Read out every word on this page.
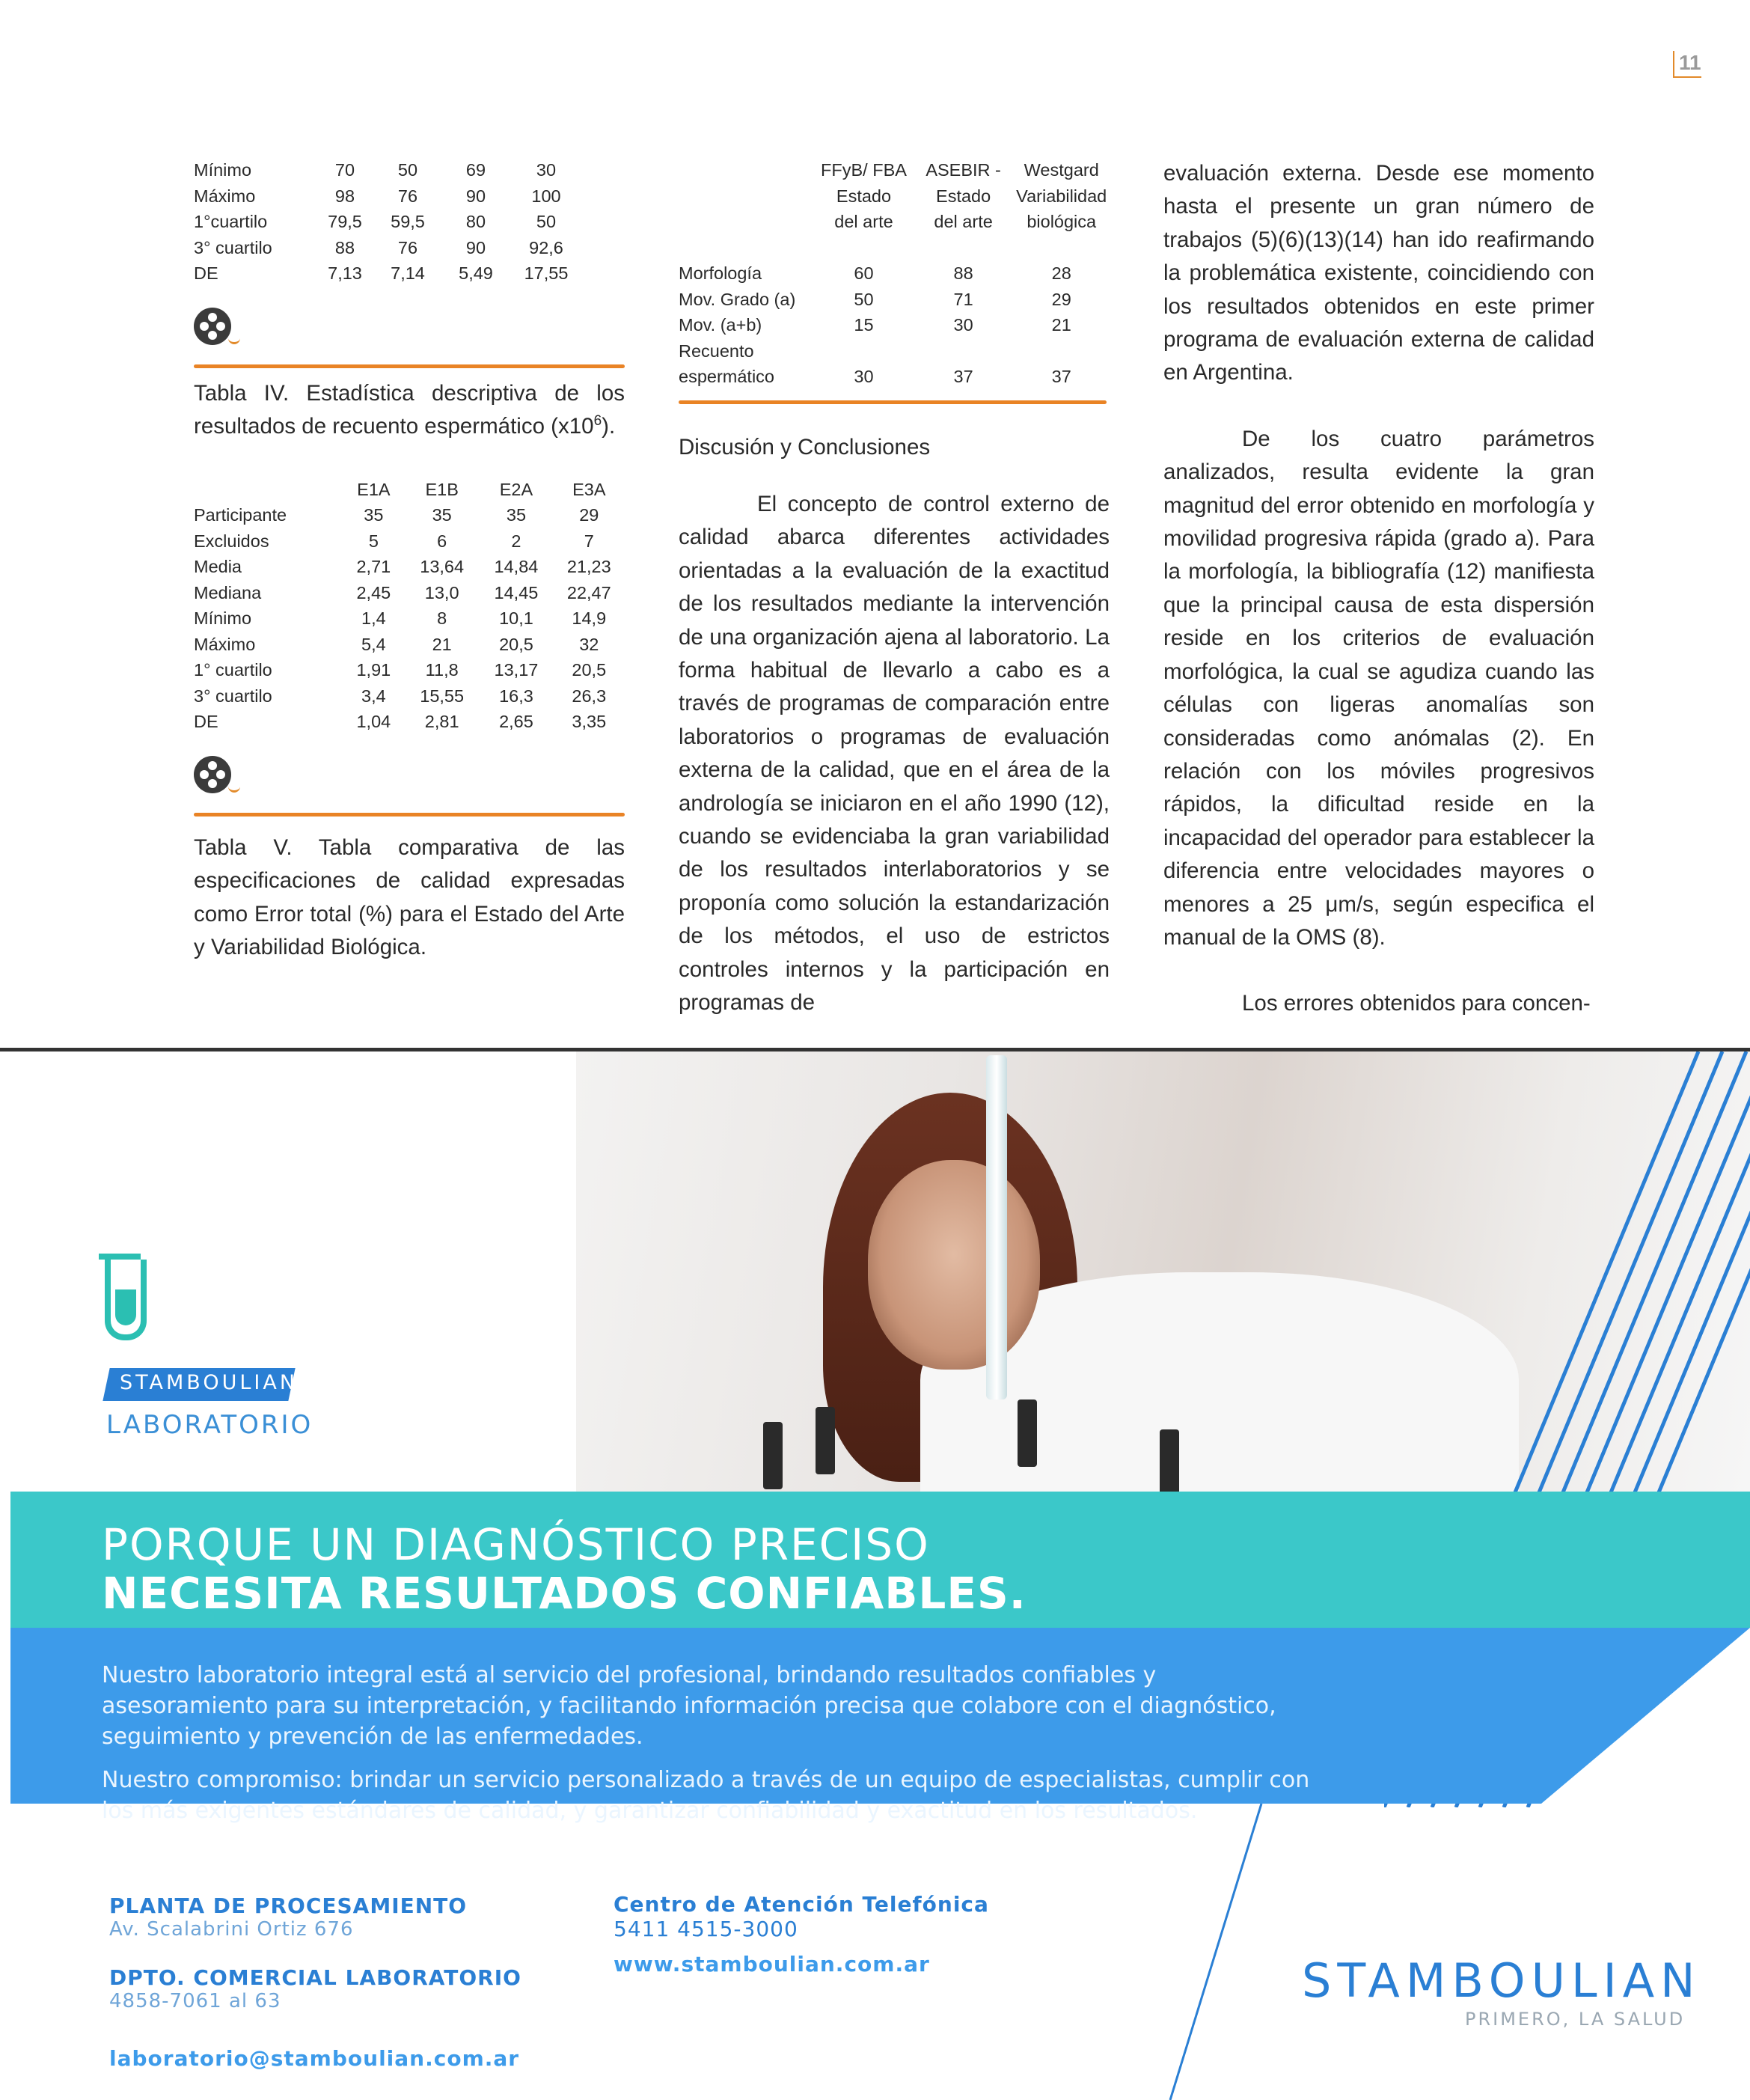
11
Mínimo	70	50	69	30
Máximo	98	76	90	100
1°cuartilo	79,5	59,5	80	50
3° cuartilo	88	76	90	92,6
DE	7,13	7,14	5,49	17,55
Tabla IV. Estadística descriptiva de los resultados de recuento espermático $(x10^6)$.
	E1A	E1B	E2A	E3A
Participante	35	35	35	29
Excluidos	5	6	2	7
Media	2,71	13,64	14,84	21,23
Mediana	2,45	13,0	14,45	22,47
Mínimo	1,4	8	10,1	14,9
Máximo	5,4	21	20,5	32
1° cuartilo	1,91	11,8	13,17	20,5
3° cuartilo	3,4	15,55	16,3	26,3
DE	1,04	2,81	2,65	3,35
Tabla V. Tabla comparativa de las especificaciones de calidad expresadas como Error total (%) para el Estado del Arte y Variabilidad Biológica.
	FFyB/ FBA	ASEBIR -	Westgard
	Estado	Estado	Variabilidad
	del arte	del arte	biológica

Morfología	60	88	28
Mov. Grado (a)	50	71	29
Mov. (a+b)	15	30	21
Recuento			
espermático	30	37	37
Discusión y Conclusiones

El concepto de control externo de calidad abarca diferentes actividades orientadas a la evaluación de la exactitud de los resultados mediante la intervención de una organización ajena al laboratorio. La forma habitual de llevarlo a cabo es a través de programas de comparación entre laboratorios o programas de evaluación externa de la calidad, que en el área de la andrología se iniciaron en el año 1990 (12), cuando se evidenciaba la gran variabilidad de los resultados interlaboratorios y se proponía como solución la estandarización de los métodos, el uso de estrictos controles internos y la participación en programas de

evaluación externa. Desde ese momento hasta el presente un gran número de trabajos (5)(6)(13)(14) han ido reafirmando la problemática existente, coincidiendo con los resultados obtenidos en este primer programa de evaluación externa de calidad en Argentina.

De los cuatro parámetros analizados, resulta evidente la gran magnitud del error obtenido en morfología y movilidad progresiva rápida (grado a). Para la morfología, la bibliografía (12) manifiesta que la principal causa de esta dispersión reside en los criterios de evaluación morfológica, la cual se agudiza cuando las células con ligeras anomalías son consideradas como anómalas (2). En relación con los móviles progresivos rápidos, la dificultad reside en la incapacidad del operador para establecer la diferencia entre velocidades mayores o menores a 25 μm/s, según especifica el manual de la OMS (8).

Los errores obtenidos para concen-

STAMBOULIAN
LABORATORIO
PORQUE UN DIAGNÓSTICO PRECISO
NECESITA RESULTADOS CONFIABLES.
Nuestro laboratorio integral está al servicio del profesional, brindando resultados confiables y asesoramiento para su interpretación, y facilitando información precisa que colabore con el diagnóstico, seguimiento y prevención de las enfermedades.
Nuestro compromiso: brindar un servicio personalizado a través de un equipo de especialistas, cumplir con los más exigentes estándares de calidad, y garantizar confiabilidad y exactitud en los resultados.
PLANTA DE PROCESAMIENTO
Av. Scalabrini Ortiz 676
DPTO. COMERCIAL LABORATORIO
4858-7061 al 63
laboratorio@stamboulian.com.ar
Centro de Atención Telefónica
5411 4515-3000
www.stamboulian.com.ar	STAMBOULIAN
PRIMERO, LA SALUD
